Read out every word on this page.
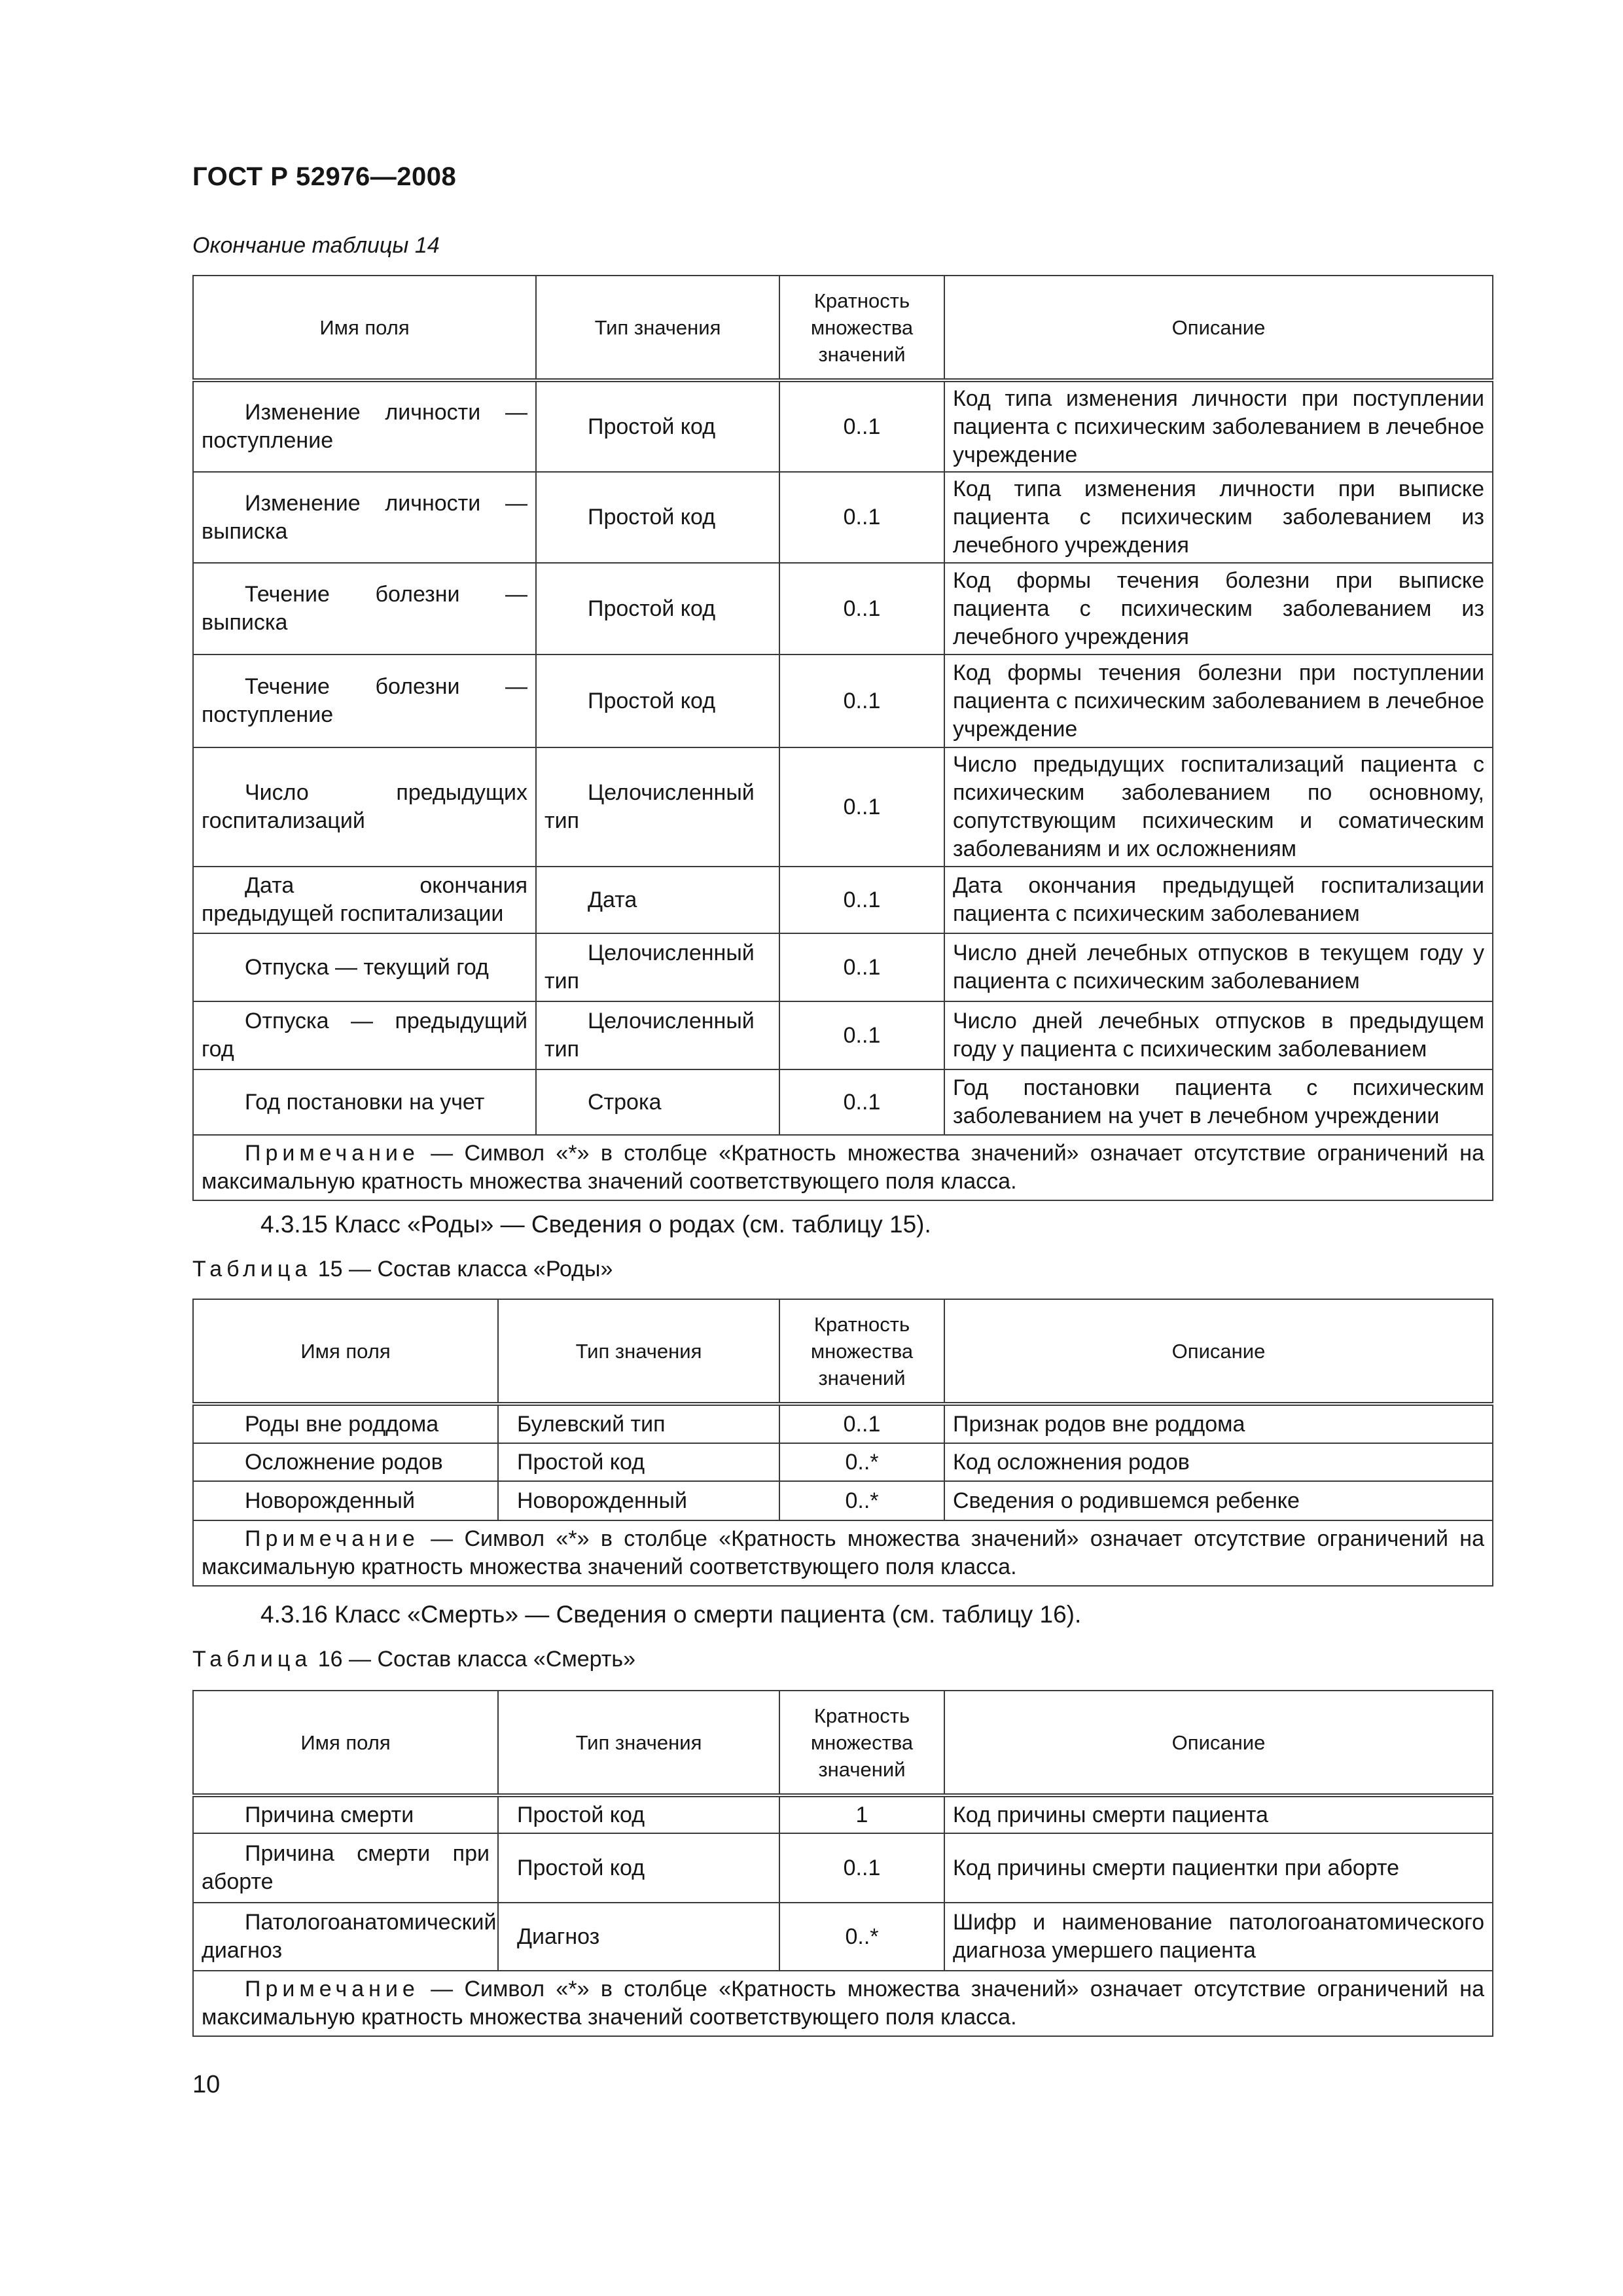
ГОСТ Р 52976—2008
Окончание таблицы 14
Имя поля	Тип значения	Кратность множества значений	Описание

Изменение личности — поступление	Простой код	0..1	Код типа изменения личности при поступлении пациента с психическим заболеванием в лечебное учреждение

Изменение личности — выписка	Простой код	0..1	Код типа изменения личности при выписке пациента с психическим заболеванием из лечебного учреждения

Течение болезни — выписка	Простой код	0..1	Код формы течения болезни при выписке пациента с психическим заболеванием из лечебного учреждения

Течение болезни — поступление	Простой код	0..1	Код формы течения болезни при поступлении пациента с психическим заболеванием в лечебное учреждение

Число предыдущих госпитализаций	Целочисленный тип	0..1	Число предыдущих госпитализаций пациента с психическим заболеванием по основному, сопутствующим психическим и соматическим заболеваниям и их осложнениям

Дата окончания предыдущей госпитализации	Дата	0..1	Дата окончания предыдущей госпитализации пациента с психическим заболеванием

Отпуска — текущий год	Целочисленный тип	0..1	Число дней лечебных отпусков в текущем году у пациента с психическим заболеванием

Отпуска — предыдущий год	Целочисленный тип	0..1	Число дней лечебных отпусков в предыдущем году у пациента с психическим заболеванием

Год постановки на учет	Строка	0..1	Год постановки пациента с психическим заболеванием на учет в лечебном учреждении

Примечание — Символ «*» в столбце «Кратность множества значений» означает отсутствие ограничений на максимальную кратность множества значений соответствующего поля класса.			
4.3.15 Класс «Роды» — Сведения о родах (см. таблицу 15).
Таблица 15 — Состав класса «Роды»
Имя поля	Тип значения	Кратность множества значений	Описание

Роды вне роддома	Булевский тип	0..1	Признак родов вне роддома

Осложнение родов	Простой код	0..*	Код осложнения родов

Новорожденный	Новорожденный	0..*	Сведения о родившемся ребенке

Примечание — Символ «*» в столбце «Кратность множества значений» означает отсутствие ограничений на максимальную кратность множества значений соответствующего поля класса.			
4.3.16 Класс «Смерть» — Сведения о смерти пациента (см. таблицу 16).
Таблица 16 — Состав класса «Смерть»
Имя поля	Тип значения	Кратность множества значений	Описание

Причина смерти	Простой код	1	Код причины смерти пациента

Причина смерти при аборте	Простой код	0..1	Код причины смерти пациентки при аборте

Патологоанатомический диагноз	Диагноз	0..*	Шифр и наименование патологоанатомического диагноза умершего пациента

Примечание — Символ «*» в столбце «Кратность множества значений» означает отсутствие ограничений на максимальную кратность множества значений соответствующего поля класса.			
10
